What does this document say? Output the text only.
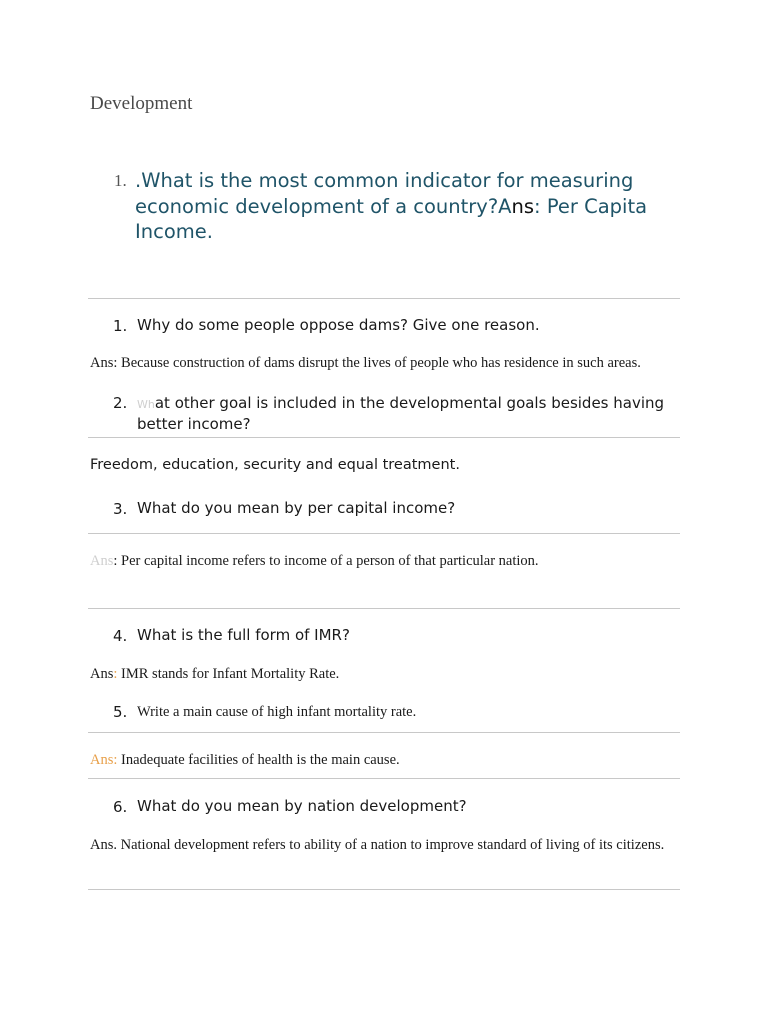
Development
1. .What is the most common indicator for measuring economic development of a country?Ans: Per Capita Income.
1. Why do some people oppose dams? Give one reason.
Ans: Because construction of dams disrupt the lives of people who has residence in such areas.
2. What other goal is included in the developmental goals besides having better income?
Freedom, education, security and equal treatment.
3. What do you mean by per capital income?
Ans: Per capital income refers to income of a person of that particular nation.
4. What is the full form of IMR?
Ans: IMR stands for Infant Mortality Rate.
5. Write a main cause of high infant mortality rate.
Ans: Inadequate facilities of health is the main cause.
6. What do you mean by nation development?
Ans. National development refers to ability of a nation to improve standard of living of its citizens.
